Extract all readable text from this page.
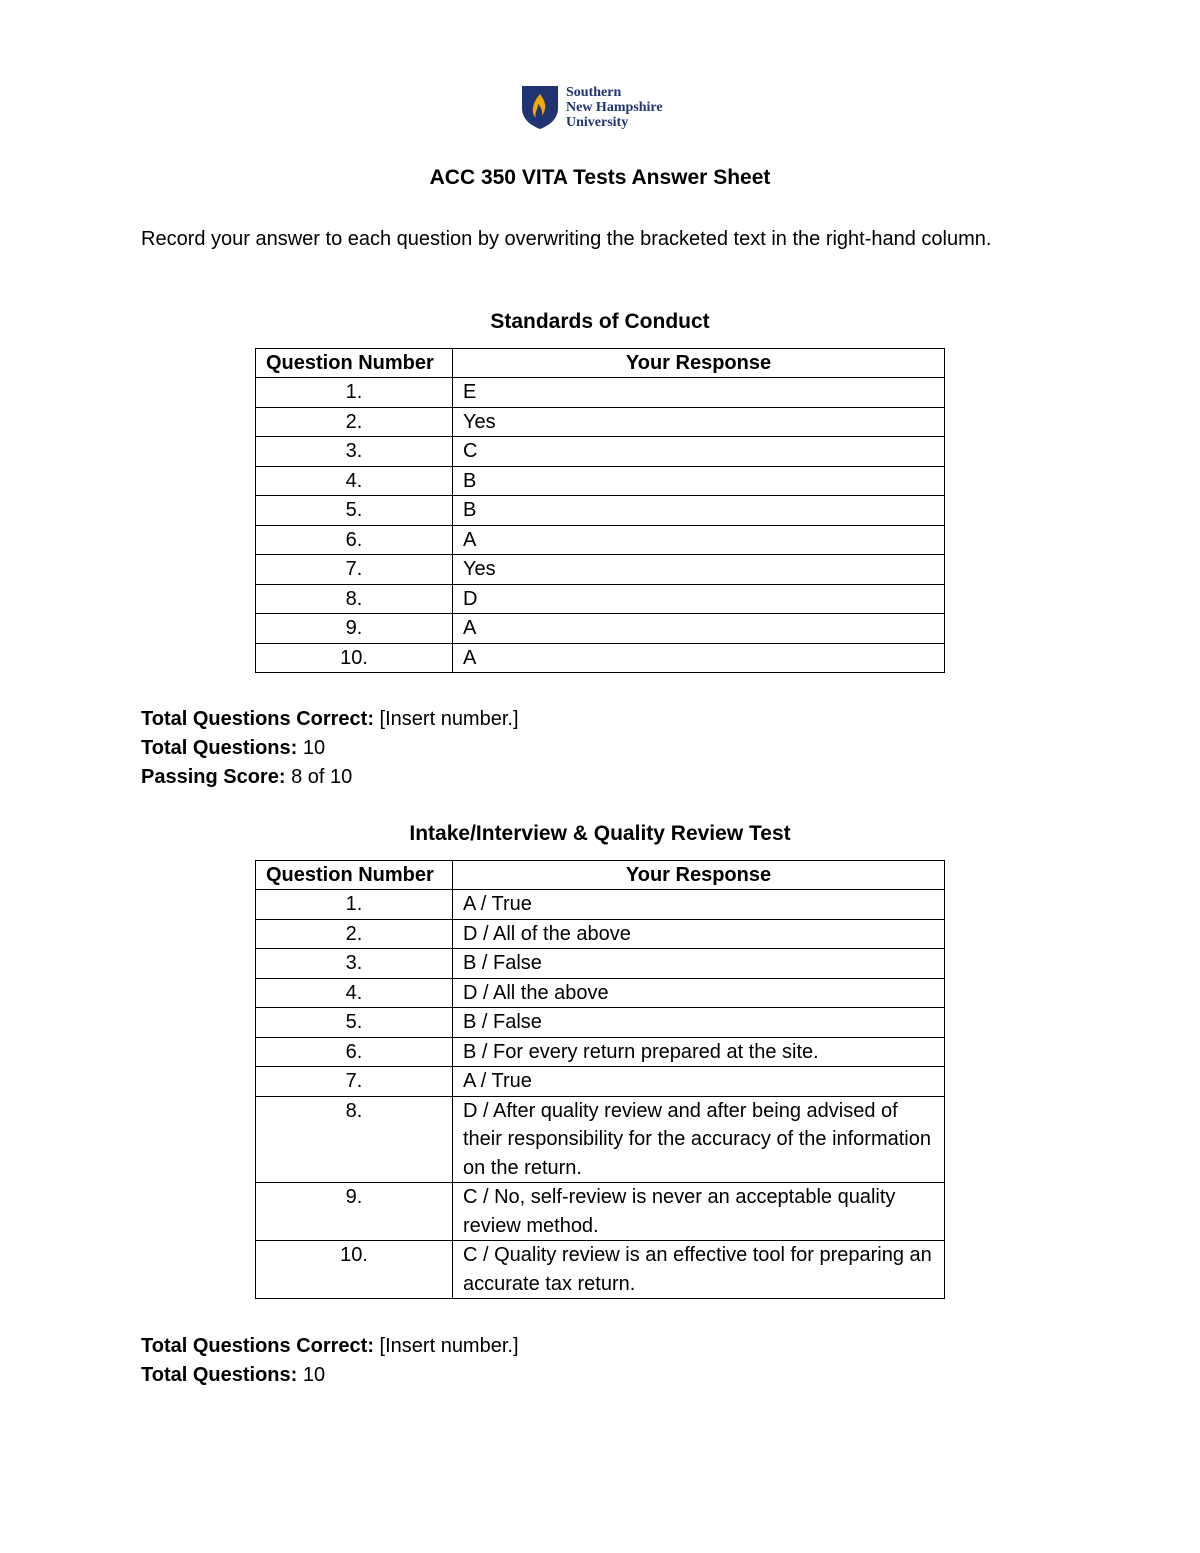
Southern
New Hampshire
University
ACC 350 VITA Tests Answer Sheet
Record your answer to each question by overwriting the bracketed text in the right-hand column.
Standards of Conduct
Question Number	Your Response
1.	E
2.	Yes
3.	C
4.	B
5.	B
6.	A
7.	Yes
8.	D
9.	A
10.	A
Total Questions Correct: [Insert number.]
Total Questions: 10
Passing Score: 8 of 10
Intake/Interview & Quality Review Test
Question Number	Your Response
1.	A / True
2.	D / All of the above
3.	B / False
4.	D / All the above
5.	B / False
6.	B / For every return prepared at the site.
7.	A / True
8.	D / After quality review and after being advised of their responsibility for the accuracy of the information on the return.
9.	C / No, self-review is never an acceptable quality review method.
10.	C / Quality review is an effective tool for preparing an accurate tax return.
Total Questions Correct: [Insert number.]
Total Questions: 10
